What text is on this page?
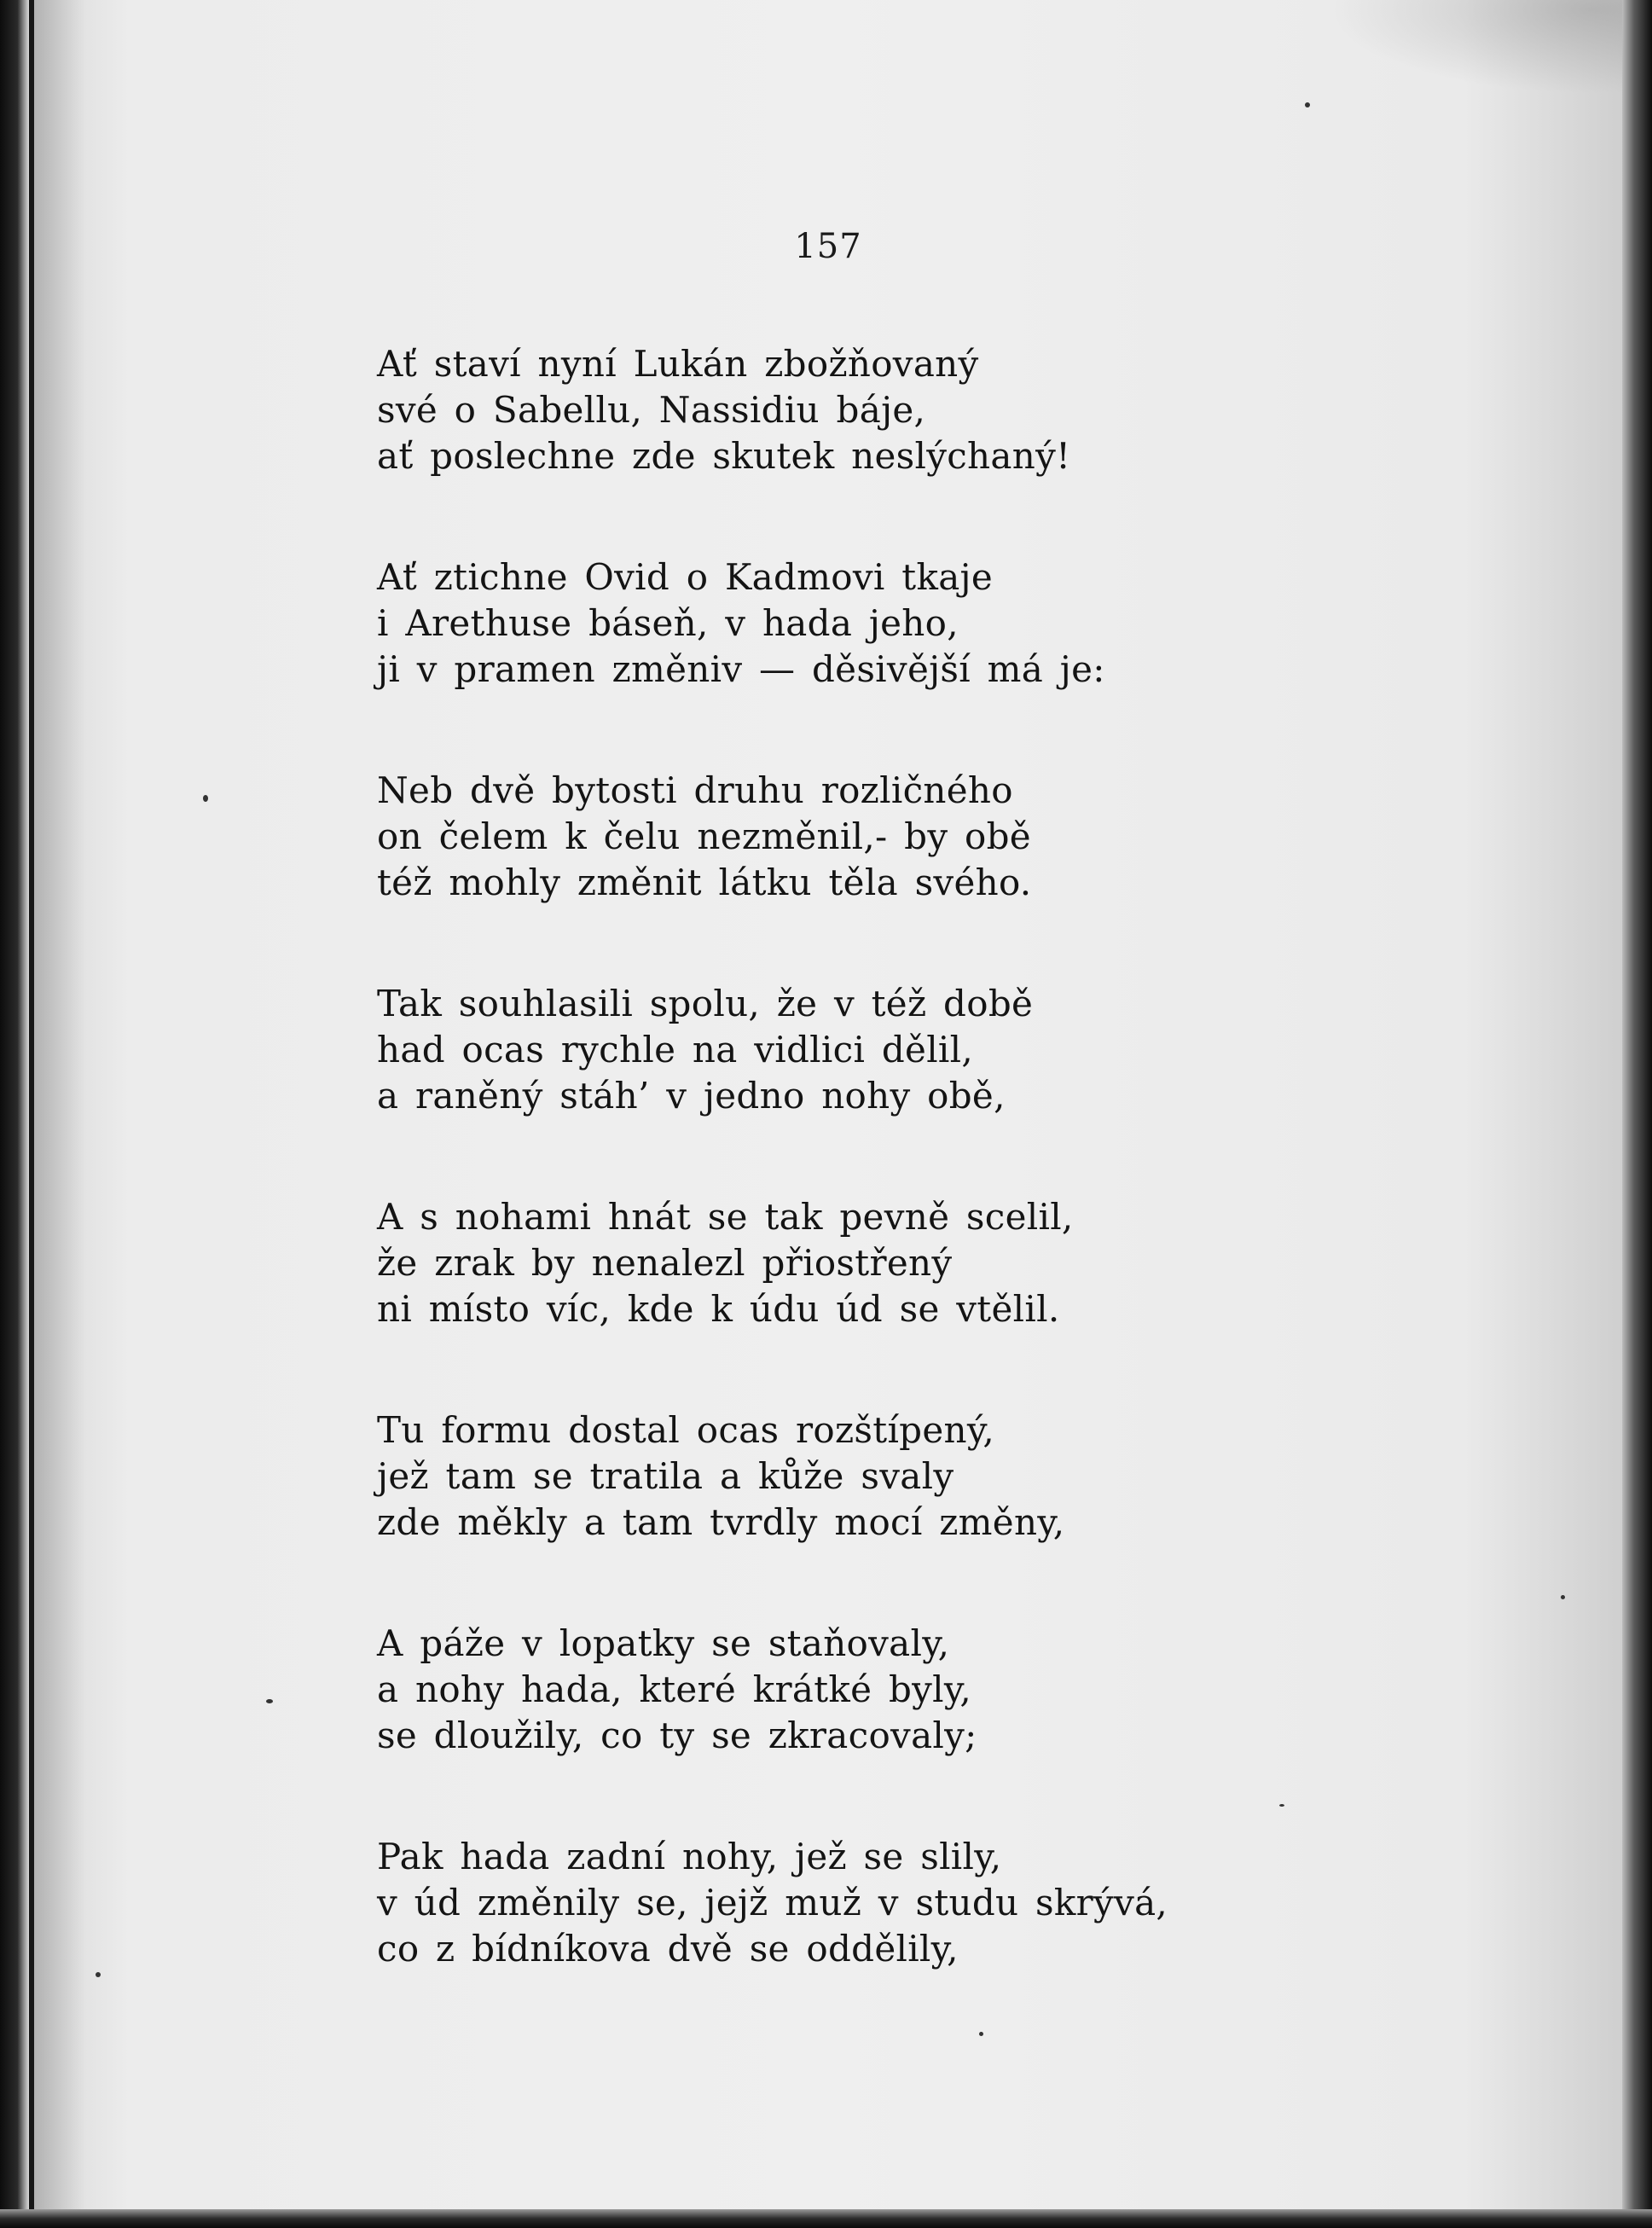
157
Ať staví nyní Lukán zbožňovaný
své o Sabellu, Nassidiu báje,
ať poslechne zde skutek neslýchaný!
Ať ztichne Ovid o Kadmovi tkaje
i Arethuse báseň, v hada jeho,
ji v pramen změniv — děsivější má je:
Neb dvě bytosti druhu rozličného
on čelem k čelu nezměnil,- by obě
též mohly změnit látku těla svého.
Tak souhlasili spolu, že v též době
had ocas rychle na vidlici dělil,
a raněný stáh’ v jedno nohy obě,
A s nohami hnát se tak pevně scelil,
že zrak by nenalezl přiostřený
ni místo víc, kde k údu úd se vtělil.
Tu formu dostal ocas rozštípený,
jež tam se tratila a kůže svaly
zde měkly a tam tvrdly mocí změny,
A páže v lopatky se staňovaly,
a nohy hada, které krátké byly,
se dloužily, co ty se zkracovaly;
Pak hada zadní nohy, jež se slily,
v úd změnily se, jejž muž v studu skrývá,
co z bídníkova dvě se oddělily,
